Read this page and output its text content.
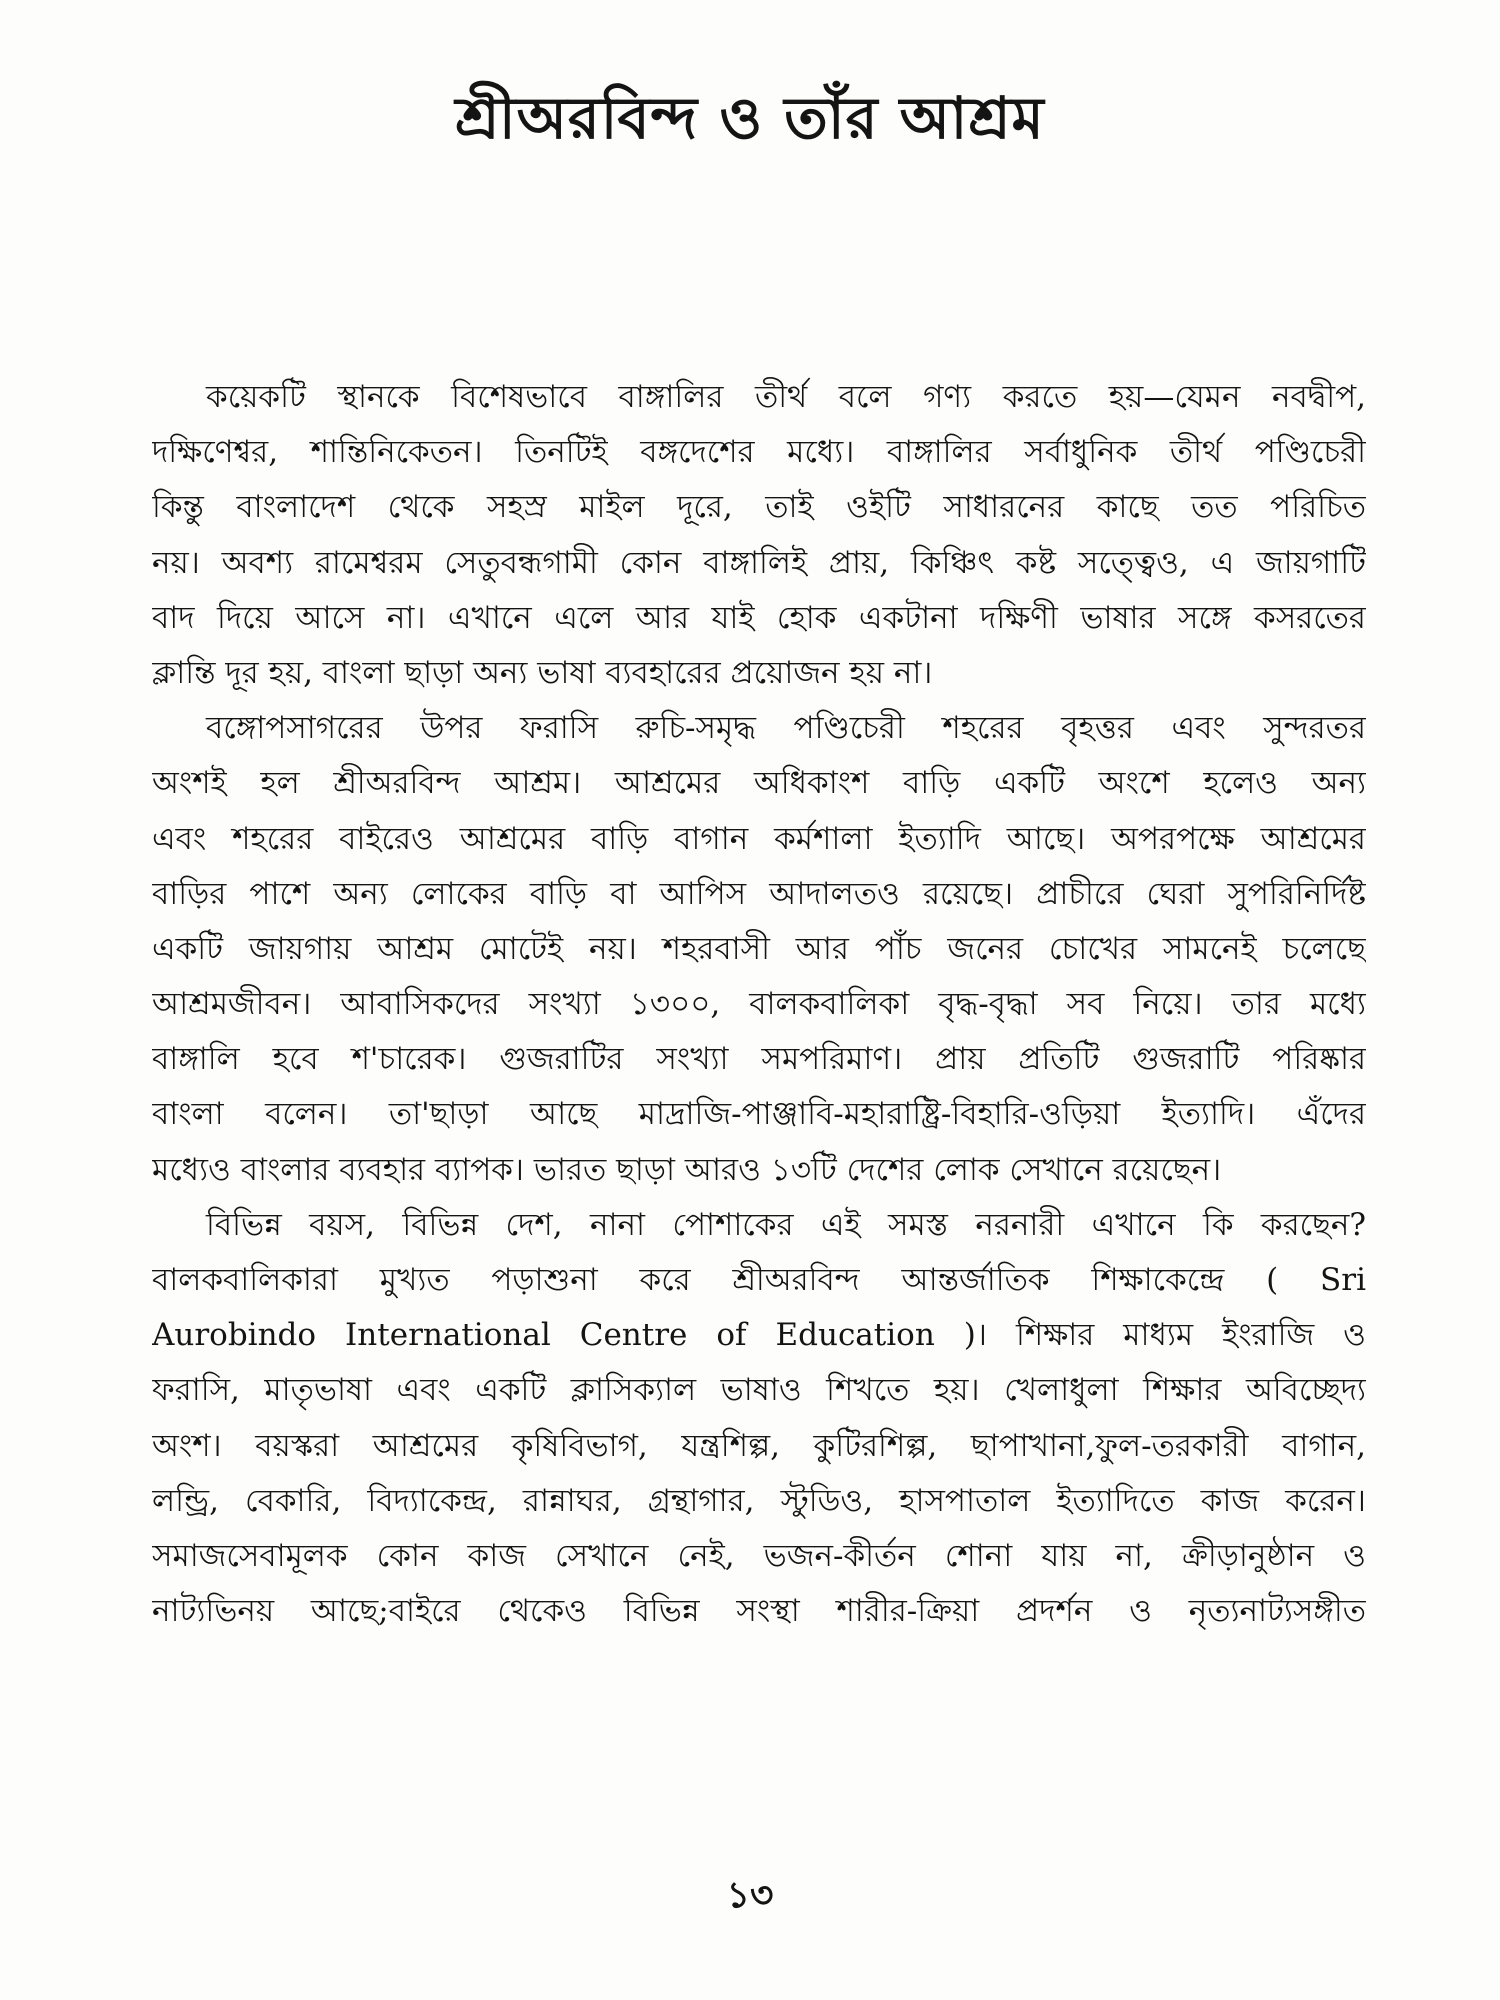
শ্রীঅরবিন্দ ও তাঁর আশ্রম
কয়েকটি স্থানকে বিশেষভাবে বাঙ্গালির তীর্থ বলে গণ্য করতে হয়—যেমন নবদ্বীপ,
দক্ষিণেশ্বর, শান্তিনিকেতন। তিনটিই বঙ্গদেশের মধ্যে। বাঙ্গালির সর্বাধুনিক তীর্থ পণ্ডিচেরী
কিন্তু বাংলাদেশ থেকে সহস্র মাইল দূরে, তাই ওইটি সাধারনের কাছে তত পরিচিত
নয়। অবশ্য রামেশ্বরম সেতুবন্ধগামী কোন বাঙ্গালিই প্রায়, কিঞ্চিৎ কষ্ট সত্ত্বেও, এ জায়গাটি
বাদ দিয়ে আসে না। এখানে এলে আর যাই হোক একটানা দক্ষিণী ভাষার সঙ্গে কসরতের
ক্লান্তি দূর হয়, বাংলা ছাড়া অন্য ভাষা ব্যবহারের প্রয়োজন হয় না।
বঙ্গোপসাগরের উপর ফরাসি রুচি-সমৃদ্ধ পণ্ডিচেরী শহরের বৃহত্তর এবং সুন্দরতর
অংশই হল শ্রীঅরবিন্দ আশ্রম। আশ্রমের অধিকাংশ বাড়ি একটি অংশে হলেও অন্য
এবং শহরের বাইরেও আশ্রমের বাড়ি বাগান কর্মশালা ইত্যাদি আছে। অপরপক্ষে আশ্রমের
বাড়ির পাশে অন্য লোকের বাড়ি বা আপিস আদালতও রয়েছে। প্রাচীরে ঘেরা সুপরিনির্দিষ্ট
একটি জায়গায় আশ্রম মোটেই নয়। শহরবাসী আর পাঁচ জনের চোখের সামনেই চলেছে
আশ্রমজীবন। আবাসিকদের সংখ্যা ১৩০০, বালকবালিকা বৃদ্ধ-বৃদ্ধা সব নিয়ে। তার মধ্যে
বাঙ্গালি হবে শ'চারেক। গুজরাটির সংখ্যা সমপরিমাণ। প্রায় প্রতিটি গুজরাটি পরিষ্কার
বাংলা বলেন। তা'ছাড়া আছে মাদ্রাজি-পাঞ্জাবি-মহারাষ্ট্রি-বিহারি-ওড়িয়া ইত্যাদি। এঁদের
মধ্যেও বাংলার ব্যবহার ব্যাপক। ভারত ছাড়া আরও ১৩টি দেশের লোক সেখানে রয়েছেন।
বিভিন্ন বয়স, বিভিন্ন দেশ, নানা পোশাকের এই সমস্ত নরনারী এখানে কি করছেন?
বালকবালিকারা মুখ্যত পড়াশুনা করে শ্রীঅরবিন্দ আন্তর্জাতিক শিক্ষাকেন্দ্রে ( Sri
Aurobindo International Centre of Education )। শিক্ষার মাধ্যম ইংরাজি ও
ফরাসি, মাতৃভাষা এবং একটি ক্লাসিক্যাল ভাষাও শিখতে হয়। খেলাধুলা শিক্ষার অবিচ্ছেদ্য
অংশ। বয়স্করা আশ্রমের কৃষিবিভাগ, যন্ত্রশিল্প, কুটিরশিল্প, ছাপাখানা,ফুল-তরকারী বাগান,
লন্ড্রি, বেকারি, বিদ্যাকেন্দ্র, রান্নাঘর, গ্রন্থাগার, স্টুডিও, হাসপাতাল ইত্যাদিতে কাজ করেন।
সমাজসেবামূলক কোন কাজ সেখানে নেই, ভজন-কীর্তন শোনা যায় না, ক্রীড়ানুষ্ঠান ও
নাট্যভিনয় আছে;বাইরে থেকেও বিভিন্ন সংস্থা শারীর-ক্রিয়া প্রদর্শন ও নৃত্যনাট্যসঙ্গীত
১৩
